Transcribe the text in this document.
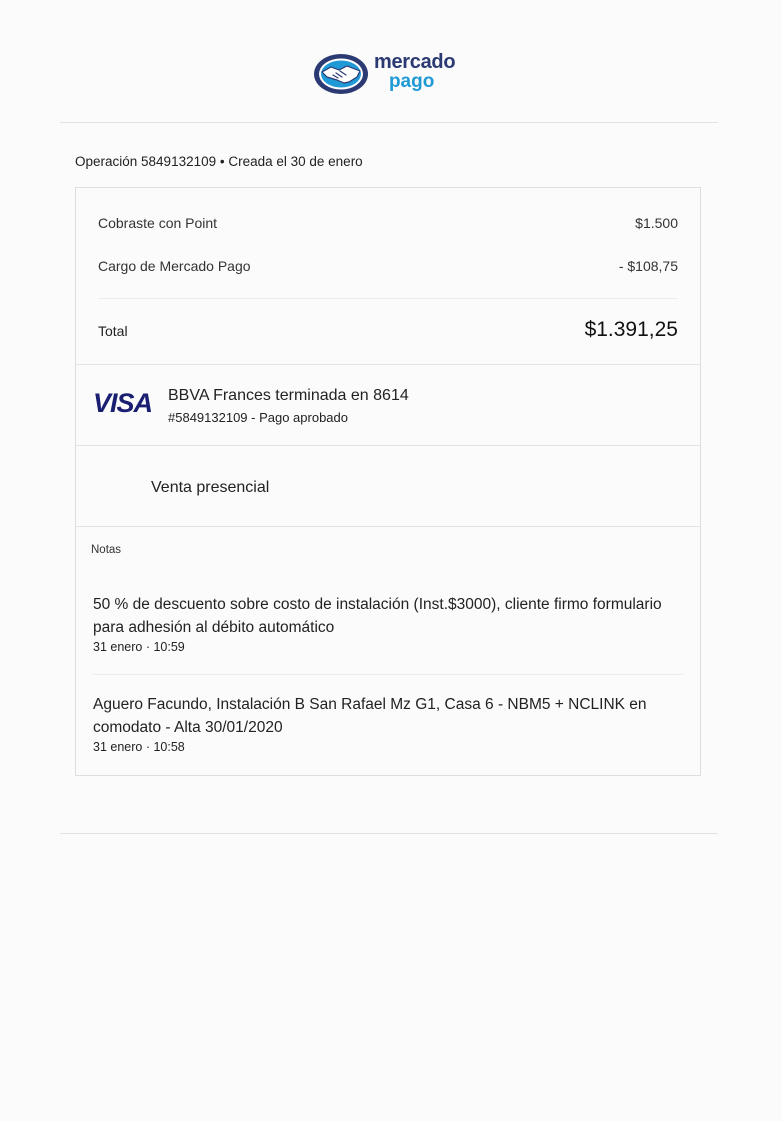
mercado
pago
Operación 5849132109 • Creada el 30 de enero
Cobraste con Point	$1.500
Cargo de Mercado Pago	- $108,75
Total	$1.391,25
VISA BBVA Frances terminada en 8614
#5849132109 - Pago aprobado
Venta presencial
Notas
50 % de descuento sobre costo de instalación (Inst.$3000), cliente firmo formulario para adhesión al débito automático
31 enero · 10:59
Aguero Facundo, Instalación B San Rafael Mz G1, Casa 6 - NBM5 + NCLINK en comodato - Alta 30/01/2020
31 enero · 10:58
